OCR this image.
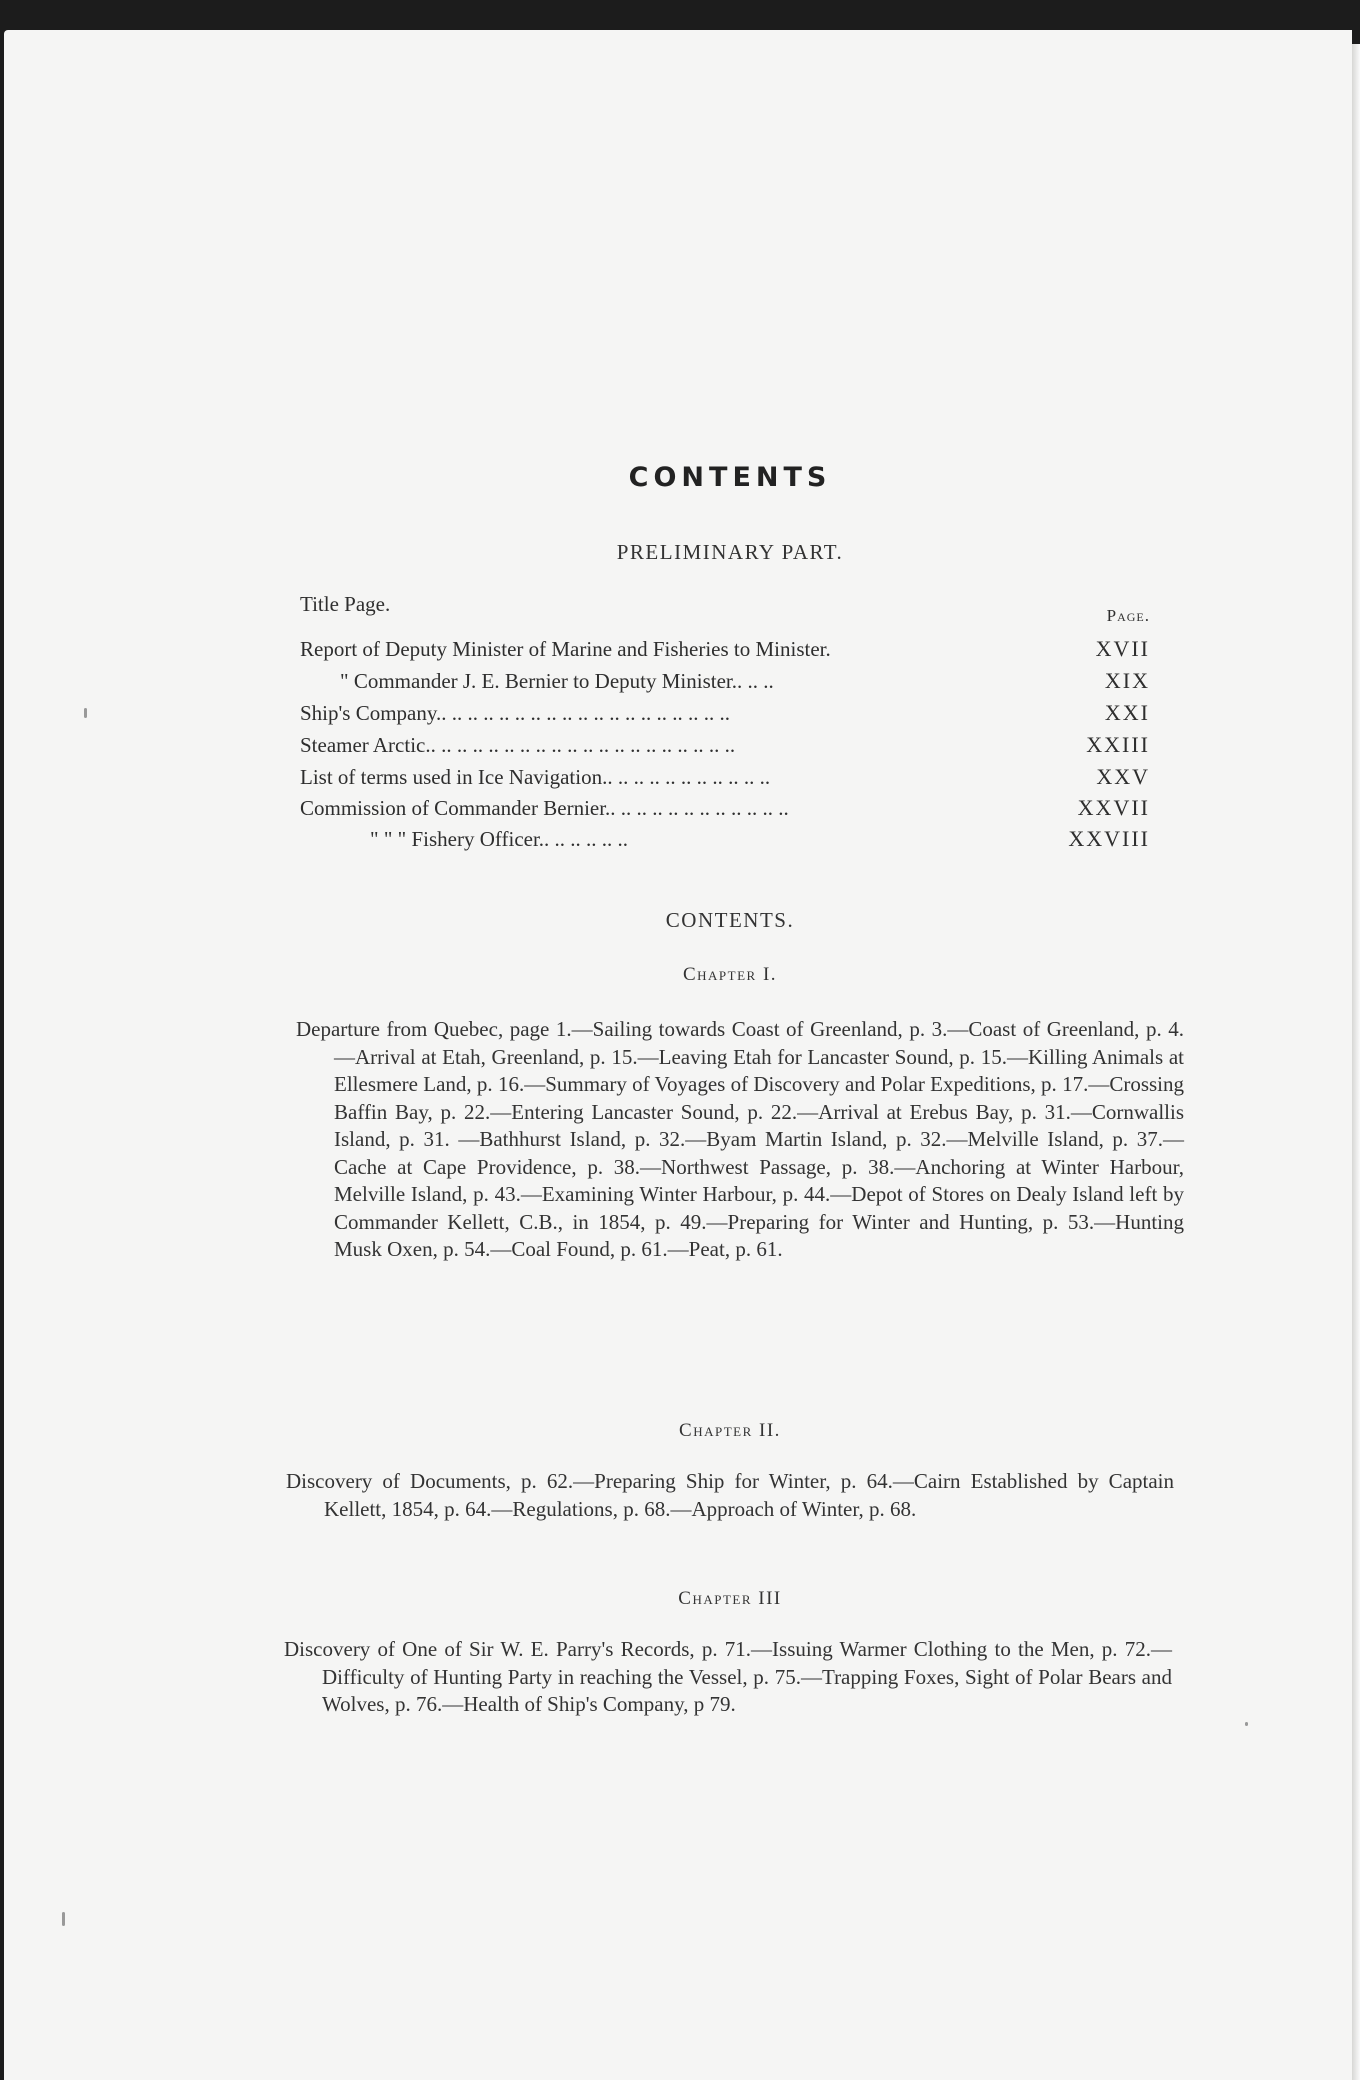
CONTENTS
PRELIMINARY PART.
Page.
Title Page.
Report of Deputy Minister of Marine and Fisheries to Minister.	XVII
" Commander J. E. Bernier to Deputy Minister.. .. ..	XIX
Ship's Company.. .. .. .. .. .. .. .. .. .. .. .. .. .. .. .. .. .. ..	XXI
Steamer Arctic.. .. .. .. .. .. .. .. .. .. .. .. .. .. .. .. .. .. .. ..	XXIII
List of terms used in Ice Navigation.. .. .. .. .. .. .. .. .. .. ..	XXV
Commission of Commander Bernier.. .. .. .. .. .. .. .. .. .. .. ..	XXVII
" " " Fishery Officer.. .. .. .. .. ..	XXVIII
CONTENTS.
Chapter I.
Departure from Quebec, page 1.—Sailing towards Coast of Greenland, p. 3.—Coast of Greenland, p. 4.—Arrival at Etah, Greenland, p. 15.—Leaving Etah for Lancaster Sound, p. 15.—Killing Animals at Ellesmere Land, p. 16.—Summary of Voyages of Discovery and Polar Expeditions, p. 17.—Crossing Baffin Bay, p. 22.—Entering Lancaster Sound, p. 22.—Arrival at Erebus Bay, p. 31.—Cornwallis Island, p. 31. —Bathhurst Island, p. 32.—Byam Martin Island, p. 32.—Melville Island, p. 37.—Cache at Cape Providence, p. 38.—Northwest Passage, p. 38.—Anchoring at Winter Harbour, Melville Island, p. 43.—Examining Winter Harbour, p. 44.—Depot of Stores on Dealy Island left by Commander Kellett, C.B., in 1854, p. 49.—Preparing for Winter and Hunting, p. 53.—Hunting Musk Oxen, p. 54.—Coal Found, p. 61.—Peat, p. 61.
Chapter II.
Discovery of Documents, p. 62.—Preparing Ship for Winter, p. 64.—Cairn Established by Captain Kellett, 1854, p. 64.—Regulations, p. 68.—Approach of Winter, p. 68.
Chapter III
Discovery of One of Sir W. E. Parry's Records, p. 71.—Issuing Warmer Clothing to the Men, p. 72.—Difficulty of Hunting Party in reaching the Vessel, p. 75.—Trapping Foxes, Sight of Polar Bears and Wolves, p. 76.—Health of Ship's Company, p 79.
